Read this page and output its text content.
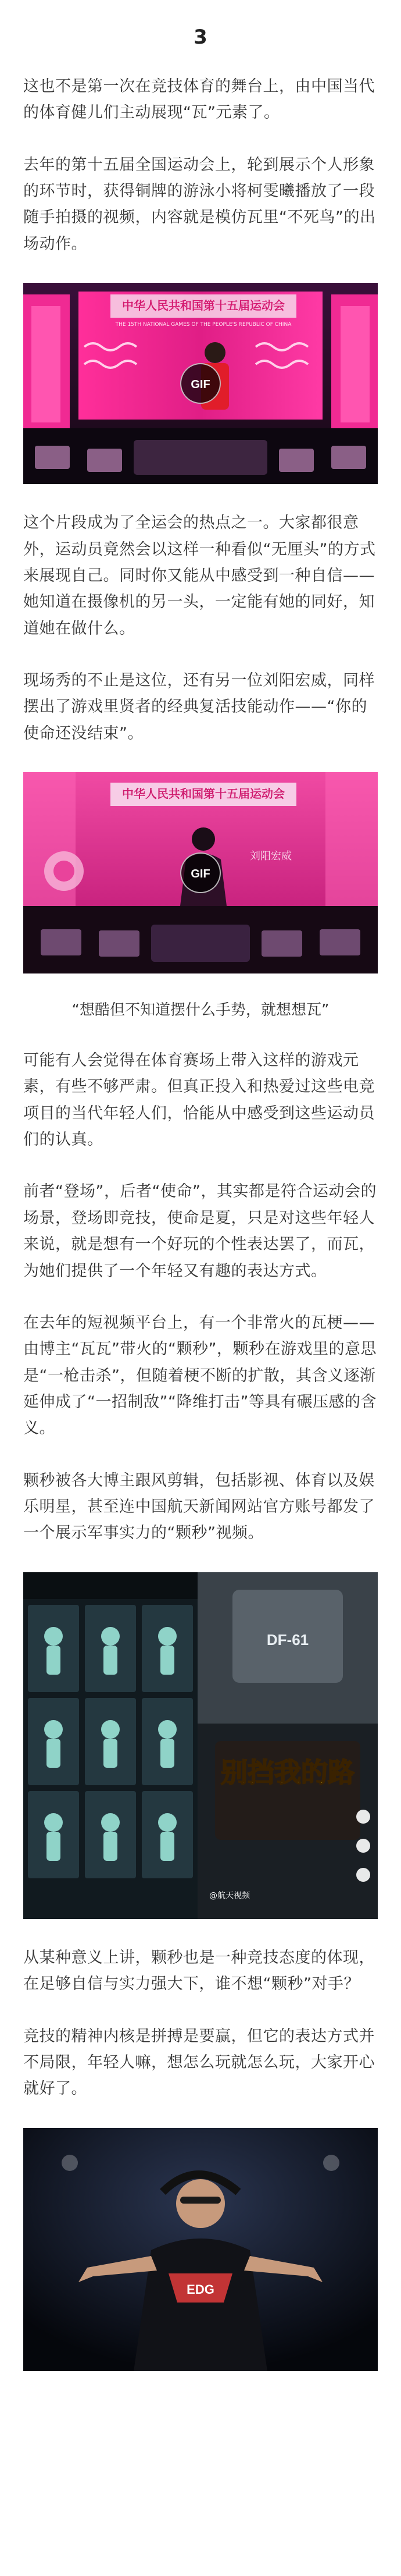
3

这也不是第一次在竞技体育的舞台上，由中国当代的体育健儿们主动展现“瓦”元素了。

去年的第十五届全国运动会上，轮到展示个人形象的环节时，获得铜牌的游泳小将柯雯曦播放了一段随手拍摄的视频，内容就是模仿瓦里“不死鸟”的出场动作。

中华人民共和国第十五届运动会
THE 15TH NATIONAL GAMES OF THE PEOPLE'S REPUBLIC OF CHINA
GIF

这个片段成为了全运会的热点之一。大家都很意外，运动员竟然会以这样一种看似“无厘头”的方式来展现自己。同时你又能从中感受到一种自信——她知道在摄像机的另一头，一定能有她的同好，知道她在做什么。

现场秀的不止是这位，还有另一位刘阳宏威，同样摆出了游戏里贤者的经典复活技能动作——“你的使命还没结束”。

中华人民共和国第十五届运动会
刘阳宏威
GIF
“想酷但不知道摆什么手势，就想想瓦”

可能有人会觉得在体育赛场上带入这样的游戏元素，有些不够严肃。但真正投入和热爱过这些电竞项目的当代年轻人们，恰能从中感受到这些运动员们的认真。

前者“登场”，后者“使命”，其实都是符合运动会的场景，登场即竞技，使命是夏，只是对这些年轻人来说，就是想有一个好玩的个性表达罢了，而瓦，为她们提供了一个年轻又有趣的表达方式。

在去年的短视频平台上，有一个非常火的瓦梗——由博主“瓦瓦”带火的“颗秒”，颗秒在游戏里的意思是“一枪击杀”，但随着梗不断的扩散，其含义逐渐延伸成了“一招制敌”“降维打击”等具有碾压感的含义。

颗秒被各大博主跟风剪辑，包括影视、体育以及娱乐明星，甚至连中国航天新闻网站官方账号都发了一个展示军事实力的“颗秒”视频。

DF-61
别挡我的路
@航天视频

从某种意义上讲，颗秒也是一种竞技态度的体现，在足够自信与实力强大下，谁不想“颗秒”对手？

竞技的精神内核是拼搏是要赢，但它的表达方式并不局限，年轻人嘛，想怎么玩就怎么玩，大家开心就好了。

EDG
